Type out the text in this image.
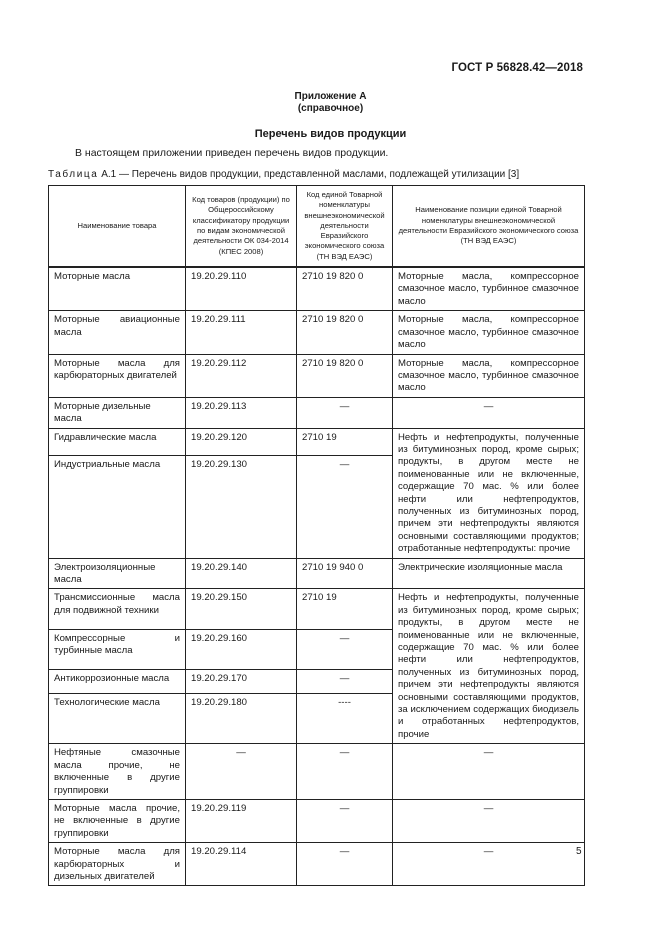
ГОСТ Р 56828.42—2018
Приложение А
(справочное)
Перечень видов продукции
В настоящем приложении приведен перечень видов продукции.
Таблица А.1 — Перечень видов продукции, представленной маслами, подлежащей утилизации [3]
Наименование товара	Код товаров (продукции) по Общероссийскому классификатору продукции по видам экономической деятельности ОК 034-2014 (КПЕС 2008)	Код единой Товарной номенклатуры внешнеэкономической деятельности Евразийского экономического союза (ТН ВЭД ЕАЭС)	Наименование позиции единой Товарной номенклатуры внешнеэкономической деятельности Евразийского экономического союза (ТН ВЭД ЕАЭС)
Моторные масла	19.20.29.110	2710 19 820 0	Моторные масла, компрессорное смазочное масло, турбинное смазочное масло
Моторные авиационные масла	19.20.29.111	2710 19 820 0	Моторные масла, компрессорное смазочное масло, турбинное смазочное масло
Моторные масла для карбюраторных двигателей	19.20.29.112	2710 19 820 0	Моторные масла, компрессорное смазочное масло, турбинное смазочное масло
Моторные дизельные масла	19.20.29.113	—	—
Гидравлические масла	19.20.29.120	2710 19	Нефть и нефтепродукты, полученные из битуминозных пород, кроме сырых; продукты, в другом месте не поименованные или не включенные, содержащие 70 мас. % или более нефти или нефтепродуктов, полученных из битуминозных пород, причем эти нефтепродукты являются основными составляющими продуктов; отработанные нефтепродукты: прочие
Индустриальные масла	19.20.29.130	—	
Электроизоляционные масла	19.20.29.140	2710 19 940 0	Электрические изоляционные масла
Трансмиссионные масла для подвижной техники	19.20.29.150	2710 19	Нефть и нефтепродукты, полученные из битуминозных пород, кроме сырых; продукты, в другом месте не поименованные или не включенные, содержащие 70 мас. % или более нефти или нефтепродуктов, полученных из битуминозных пород, причем эти нефтепродукты являются основными составляющими продуктов, за исключением содержащих биодизель и отработанных нефтепродуктов, прочие
Компрессорные и турбинные масла	19.20.29.160	—	
Антикоррозионные масла	19.20.29.170	—	
Технологические масла	19.20.29.180	----	
Нефтяные смазочные масла прочие, не включенные в другие группировки	—	—	—
Моторные масла прочие, не включенные в другие группировки	19.20.29.119	—	—
Моторные масла для карбюраторных и дизельных двигателей	19.20.29.114	—	—	5
